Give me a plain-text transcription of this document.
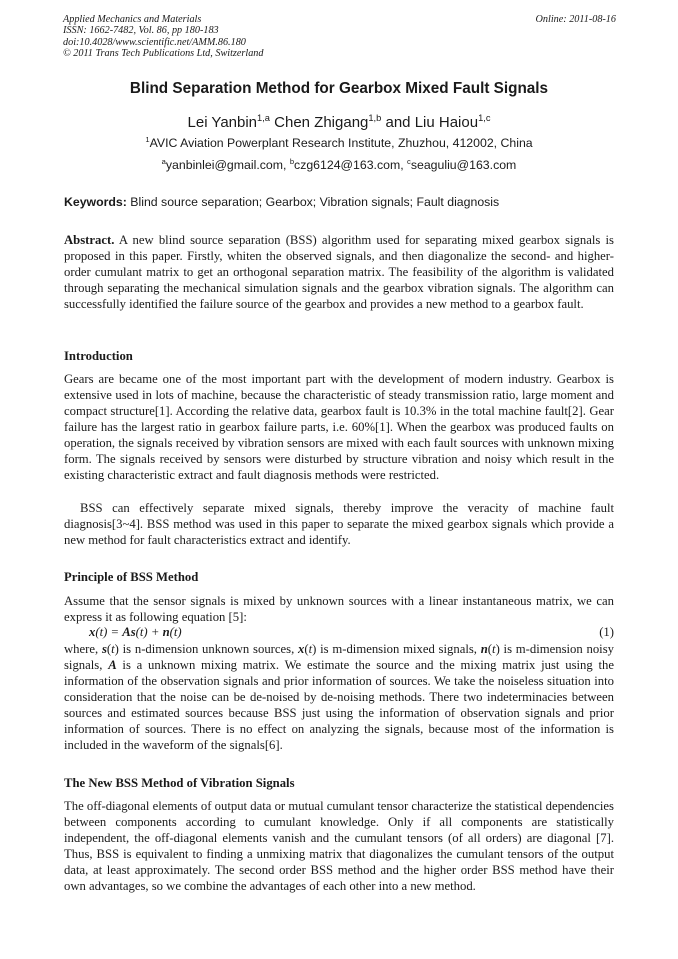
Applied Mechanics and Materials
ISSN: 1662-7482, Vol. 86, pp 180-183
doi:10.4028/www.scientific.net/AMM.86.180
© 2011 Trans Tech Publications Ltd, Switzerland
Online: 2011-08-16
Blind Separation Method for Gearbox Mixed Fault Signals
Lei Yanbin$^{1,a}$ Chen Zhigang$^{1,b}$ and Liu Haiou$^{1,c}$
$^1$AVIC Aviation Powerplant Research Institute, Zhuzhou, 412002, China
$^a$yanbinlei@gmail.com, $^b$czg6124@163.com, $^c$seaguliu@163.com
Keywords: Blind source separation; Gearbox; Vibration signals; Fault diagnosis

Abstract. A new blind source separation (BSS) algorithm used for separating mixed gearbox signals is proposed in this paper. Firstly, whiten the observed signals, and then diagonalize the second- and higher-order cumulant matrix to get an orthogonal separation matrix. The feasibility of the algorithm is validated through separating the mechanical simulation signals and the gearbox vibration signals. The algorithm can successfully identified the failure source of the gearbox and provides a new method to a gearbox fault.

Introduction

Gears are became one of the most important part with the development of modern industry. Gearbox is extensive used in lots of machine, because the characteristic of steady transmission ratio, large moment and compact structure[1]. According the relative data, gearbox fault is 10.3% in the total machine fault[2]. Gear failure has the largest ratio in gearbox failure parts, i.e. 60%[1]. When the gearbox was produced faults on operation, the signals received by vibration sensors are mixed with each fault sources with unknown mixing form. The signals received by sensors were disturbed by structure vibration and noisy which result in the existing characteristic extract and fault diagnosis methods were restricted.

BSS can effectively separate mixed signals, thereby improve the veracity of machine fault diagnosis[3~4]. BSS method was used in this paper to separate the mixed gearbox signals which provide a new method for fault characteristics extract and identify.

Principle of BSS Method

Assume that the sensor signals is mixed by unknown sources with a linear instantaneous matrix, we can express it as following equation [5]:

x(t) = As(t) + n(t)	(1)

where, s(t) is n-dimension unknown sources, x(t) is m-dimension mixed signals, n(t) is m-dimension noisy signals, A is a unknown mixing matrix. We estimate the source and the mixing matrix just using the information of the observation signals and prior information of sources. We take the noiseless situation into consideration that the noise can be de-noised by de-noising methods. There two indeterminacies between sources and estimated sources because BSS just using the information of observation signals and prior information of sources. There is no effect on analyzing the signals, because most of the information is included in the waveform of the signals[6].

The New BSS Method of Vibration Signals

The off-diagonal elements of output data or mutual cumulant tensor characterize the statistical dependencies between components according to cumulant knowledge. Only if all components are statistically independent, the off-diagonal elements vanish and the cumulant tensors (of all orders) are diagonal [7]. Thus, BSS is equivalent to finding a unmixing matrix that diagonalizes the cumulant tensors of the output data, at least approximately. The second order BSS method and the higher order BSS method have their own advantages, so we combine the advantages of each other into a new method.
